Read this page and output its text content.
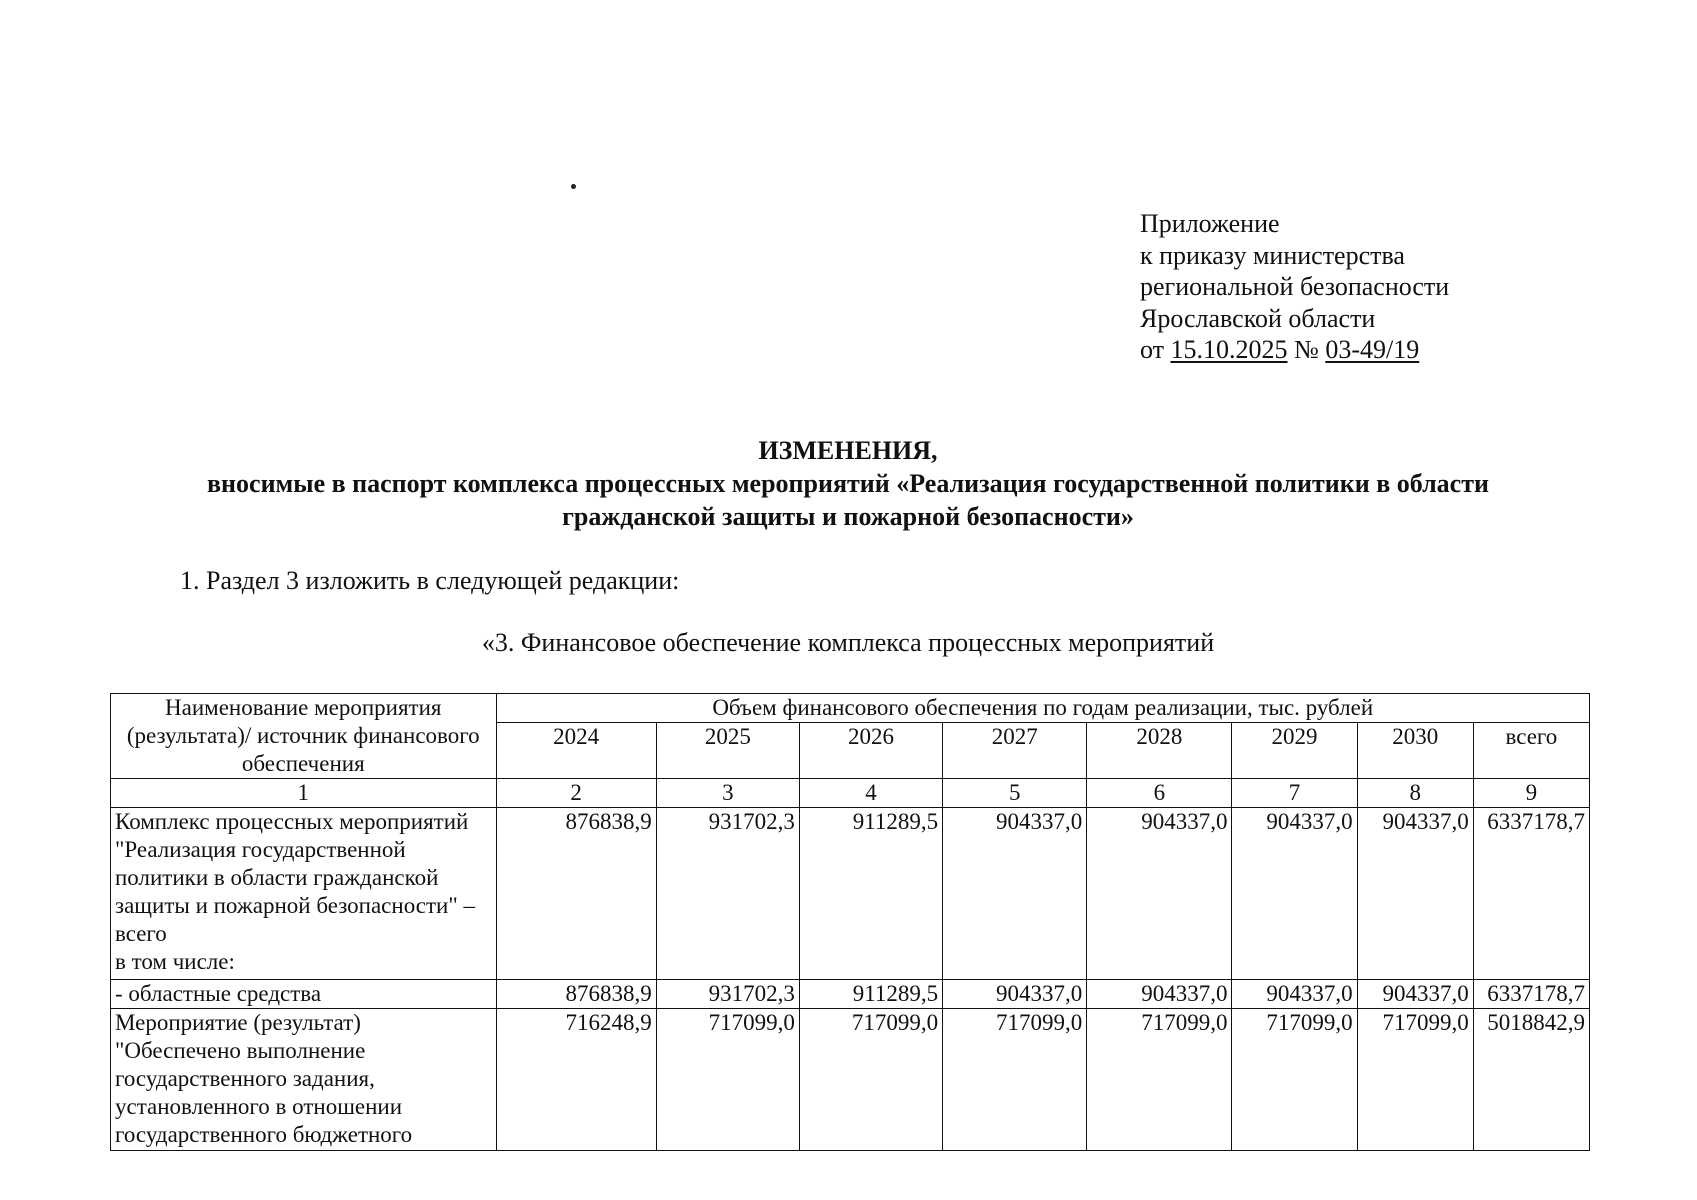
Приложение
к приказу министерства
региональной безопасности
Ярославской области
от 15.10.2025 № 03-49/19
ИЗМЕНЕНИЯ,
вносимые в паспорт комплекса процессных мероприятий «Реализация государственной политики в области
гражданской защиты и пожарной безопасности»
1. Раздел 3 изложить в следующей редакции:
«3. Финансовое обеспечение комплекса процессных мероприятий
Наименование мероприятия (результата)/ источник финансового обеспечения	Объем финансового обеспечения по годам реализации, тыс. рублей							
	2024	2025	2026	2027	2028	2029	2030	всего
1	2	3	4	5	6	7	8	9
Комплекс процессных мероприятий "Реализация государственной политики в области гражданской защиты и пожарной безопасности" – всего
в том числе:	876838,9	931702,3	911289,5	904337,0	904337,0	904337,0	904337,0	6337178,7
- областные средства	876838,9	931702,3	911289,5	904337,0	904337,0	904337,0	904337,0	6337178,7
Мероприятие (результат) "Обеспечено выполнение государственного задания, установленного в отношении государственного бюджетного	716248,9	717099,0	717099,0	717099,0	717099,0	717099,0	717099,0	5018842,9
